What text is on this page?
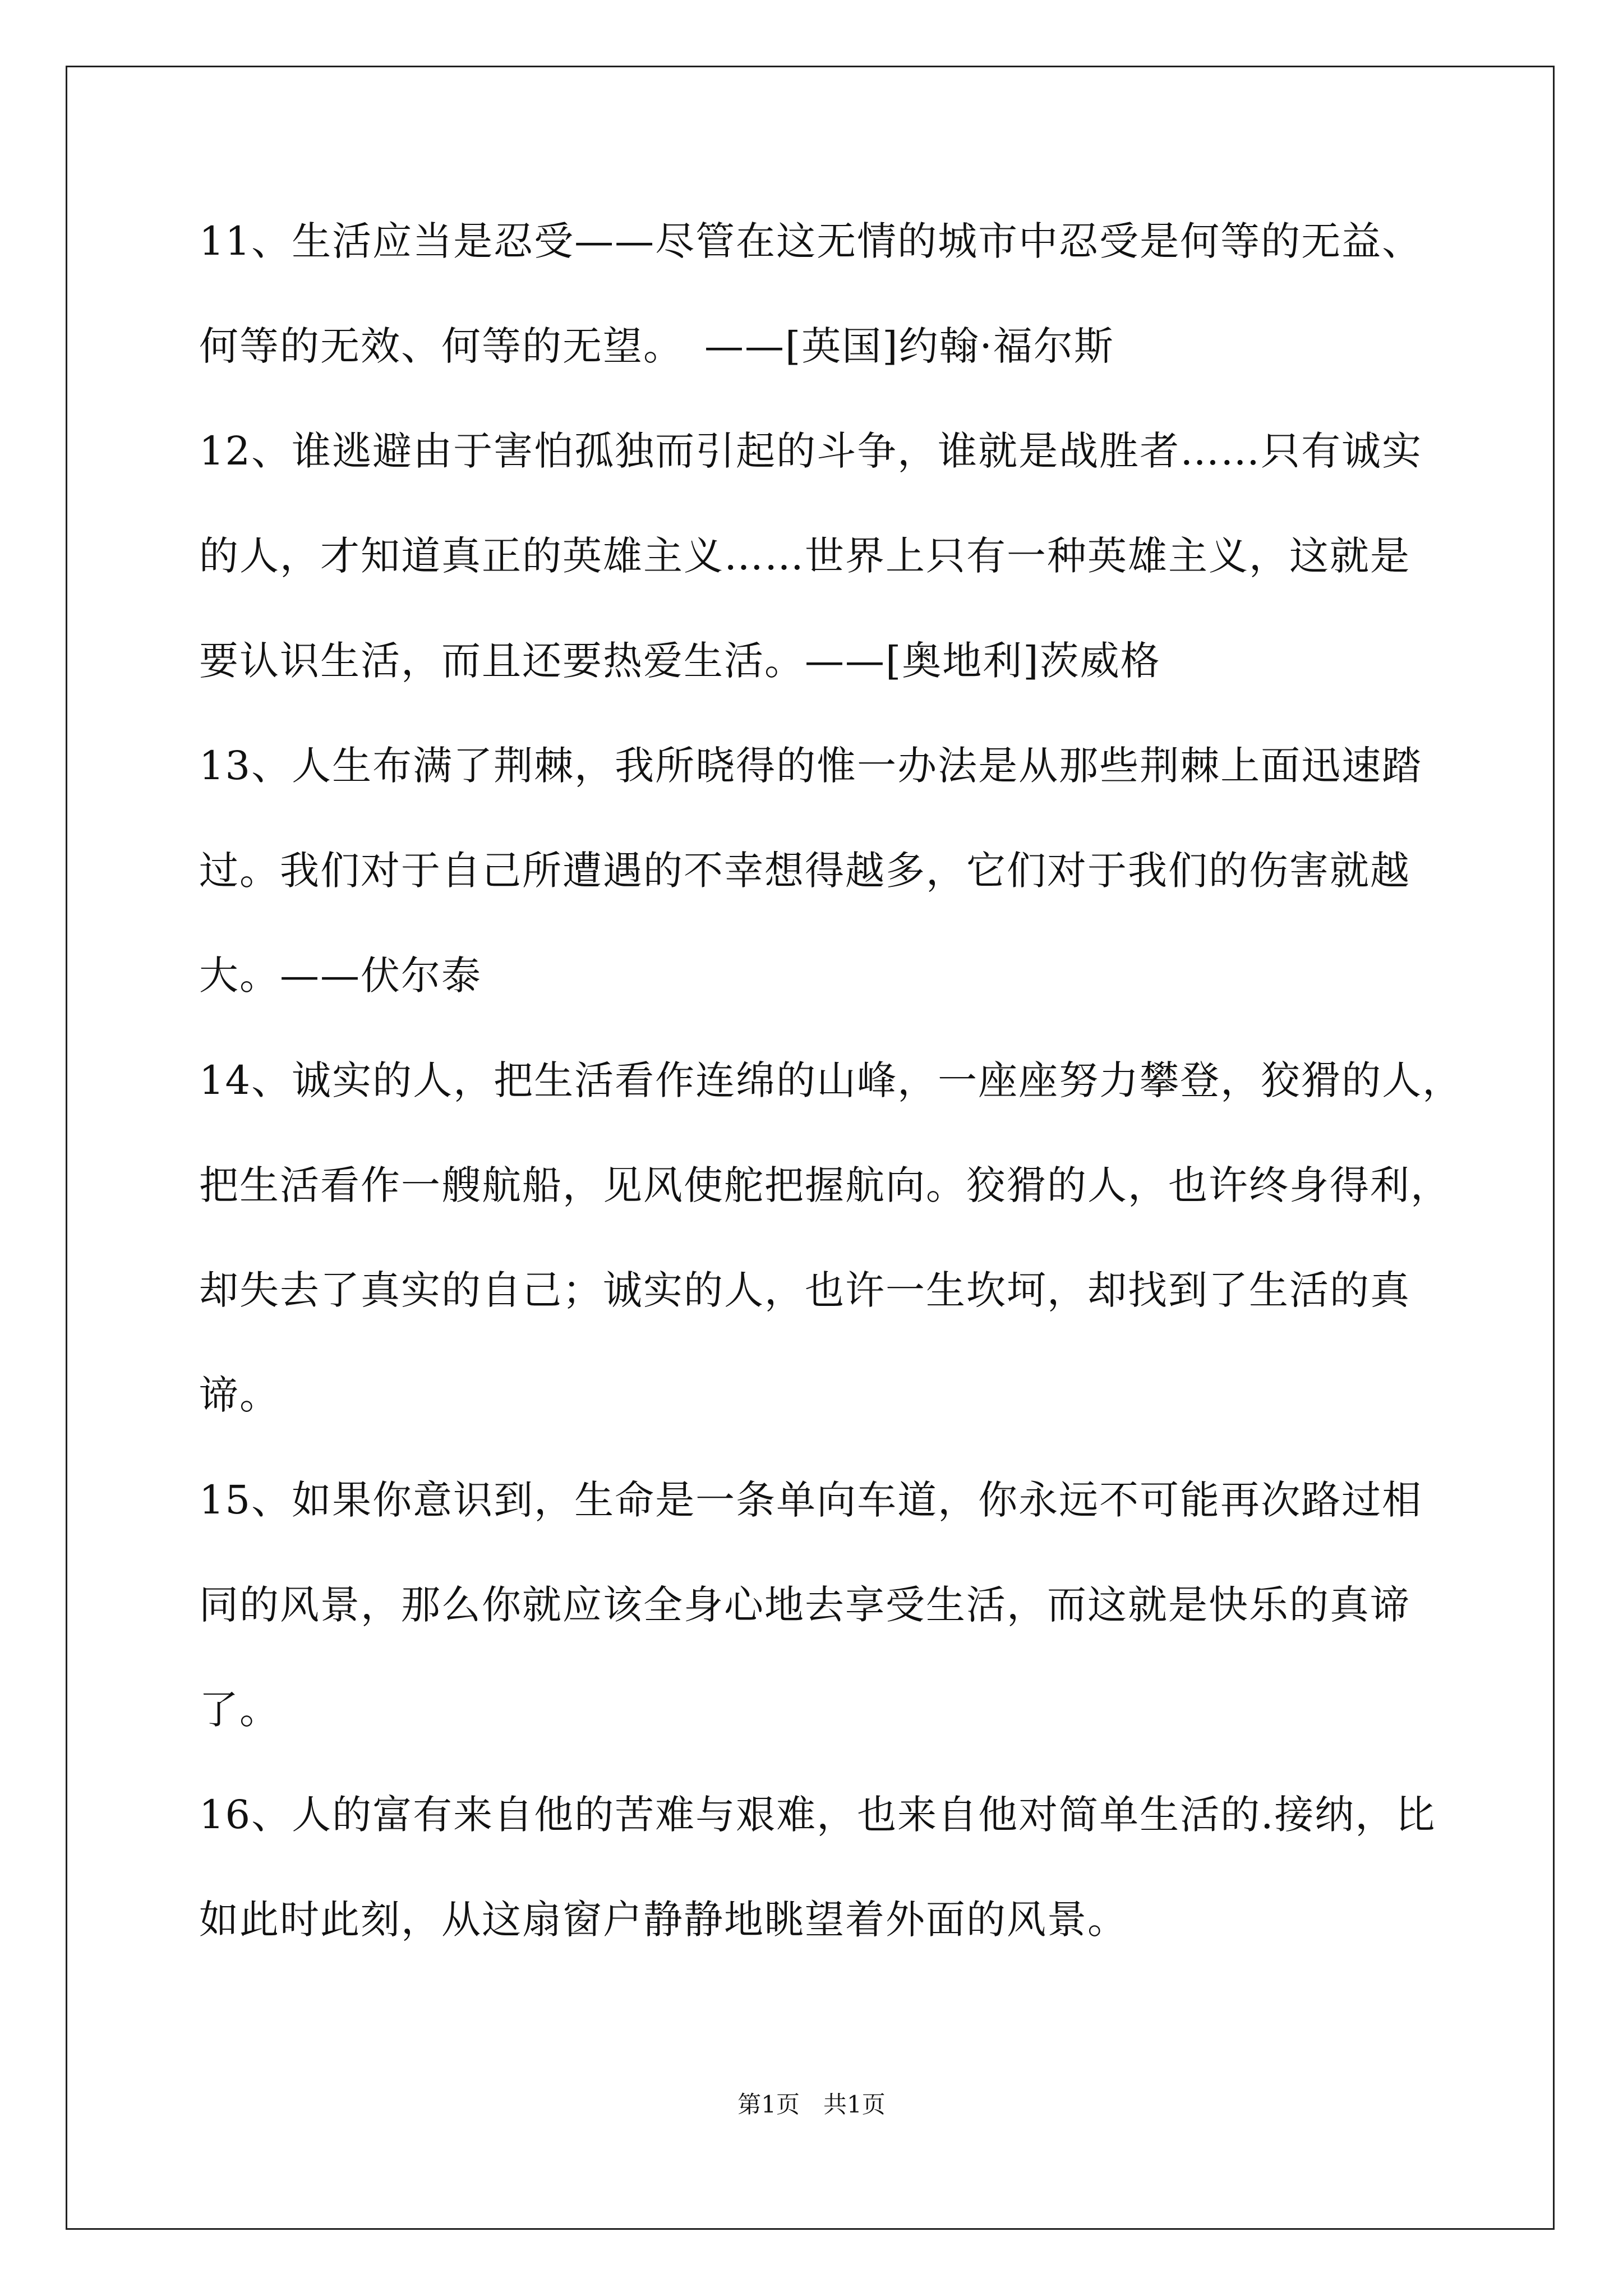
11、生活应当是忍受——尽管在这无情的城市中忍受是何等的无益、
何等的无效、何等的无望。　——[英国]约翰·福尔斯
12、谁逃避由于害怕孤独而引起的斗争，谁就是战胜者……只有诚实
的人，才知道真正的英雄主义……世界上只有一种英雄主义，这就是
要认识生活，而且还要热爱生活。——[奥地利]茨威格
13、人生布满了荆棘，我所晓得的惟一办法是从那些荆棘上面迅速踏
过。我们对于自己所遭遇的不幸想得越多，它们对于我们的伤害就越
大。——伏尔泰
14、诚实的人，把生活看作连绵的山峰，一座座努力攀登，狡猾的人，
把生活看作一艘航船，见风使舵把握航向。狡猾的人，也许终身得利，
却失去了真实的自己；诚实的人，也许一生坎坷，却找到了生活的真
谛。
15、如果你意识到，生命是一条单向车道，你永远不可能再次路过相
同的风景，那么你就应该全身心地去享受生活，而这就是快乐的真谛
了。
16、人的富有来自他的苦难与艰难，也来自他对简单生活的.接纳，比
如此时此刻，从这扇窗户静静地眺望着外面的风景。
第1页　共1页
